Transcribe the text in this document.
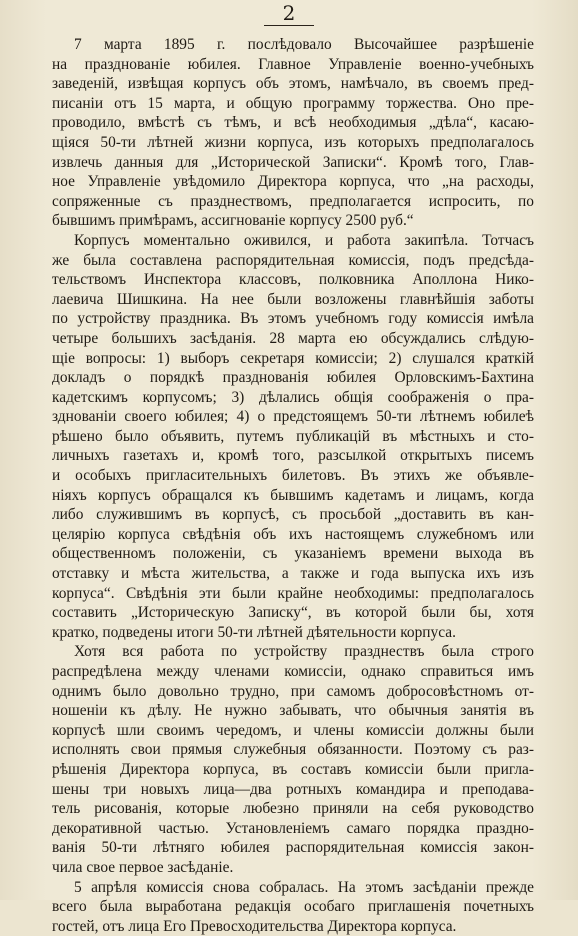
2
7 марта 1895 г. послѣдовало Высочайшее разрѣшеніе
на празднованіе юбилея. Главное Управленіе военно-учебныхъ
заведеній, извѣщая корпусъ объ этомъ, намѣчало, въ своемъ пред-
писаніи отъ 15 марта, и общую программу торжества. Оно пре-
проводило, вмѣстѣ съ тѣмъ, и всѣ необходимыя „дѣла“, касаю-
щіяся 50-ти лѣтней жизни корпуса, изъ которыхъ предполагалось
извлечь данныя для „Исторической Записки“. Кромѣ того, Глав-
ное Управленіе увѣдомило Директора корпуса, что „на расходы,
сопряженные съ празднествомъ, предполагается испросить, по
бывшимъ примѣрамъ, ассигнованіе корпусу 2500 руб.“
Корпусъ моментально оживился, и работа закипѣла. Тотчасъ
же была составлена распорядительная комиссія, подъ предсѣда-
тельствомъ Инспектора классовъ, полковника Аполлона Нико-
лаевича Шишкина. На нее были возложены главнѣйшія заботы
по устройству праздника. Въ этомъ учебномъ году комиссія имѣла
четыре большихъ засѣданія. 28 марта ею обсуждались слѣдую-
щіе вопросы: 1) выборъ секретаря комиссіи; 2) слушался краткій
докладъ о порядкѣ празднованія юбилея Орловскимъ-Бахтина
кадетскимъ корпусомъ; 3) дѣлались общія соображенія о пра-
зднованіи своего юбилея; 4) о предстоящемъ 50-ти лѣтнемъ юбилеѣ
рѣшено было объявить, путемъ публикацій въ мѣстныхъ и сто-
личныхъ газетахъ и, кромѣ того, разсылкой открытыхъ писемъ
и особыхъ пригласительныхъ билетовъ. Въ этихъ же объявле-
ніяхъ корпусъ обращался къ бывшимъ кадетамъ и лицамъ, когда
либо служившимъ въ корпусѣ, съ просьбой „доставить въ кан-
целярію корпуса свѣдѣнія объ ихъ настоящемъ служебномъ или
общественномъ положеніи, съ указаніемъ времени выхода въ
отставку и мѣста жительства, а также и года выпуска ихъ изъ
корпуса“. Свѣдѣнія эти были крайне необходимы: предполагалось
составить „Историческую Записку“, въ которой были бы, хотя
кратко, подведены итоги 50-ти лѣтней дѣятельности корпуса.
Хотя вся работа по устройству празднествъ была строго
распредѣлена между членами комиссіи, однако справиться имъ
однимъ было довольно трудно, при самомъ добросовѣстномъ от-
ношеніи къ дѣлу. Не нужно забывать, что обычныя занятія въ
корпусѣ шли своимъ чередомъ, и члены комиссіи должны были
исполнять свои прямыя служебныя обязанности. Поэтому съ раз-
рѣшенія Директора корпуса, въ составъ комиссіи были пригла-
шены три новыхъ лица—два ротныхъ командира и преподава-
тель рисованія, которые любезно приняли на себя руководство
декоративной частью. Установленіемъ самаго порядка праздно-
ванія 50-ти лѣтняго юбилея распорядительная комиссія закон-
чила свое первое засѣданіе.
5 апрѣля комиссія снова собралась. На этомъ засѣданіи прежде
всего была выработана редакція особаго приглашенія почетныхъ
гостей, отъ лица Его Превосходительства Директора корпуса.
